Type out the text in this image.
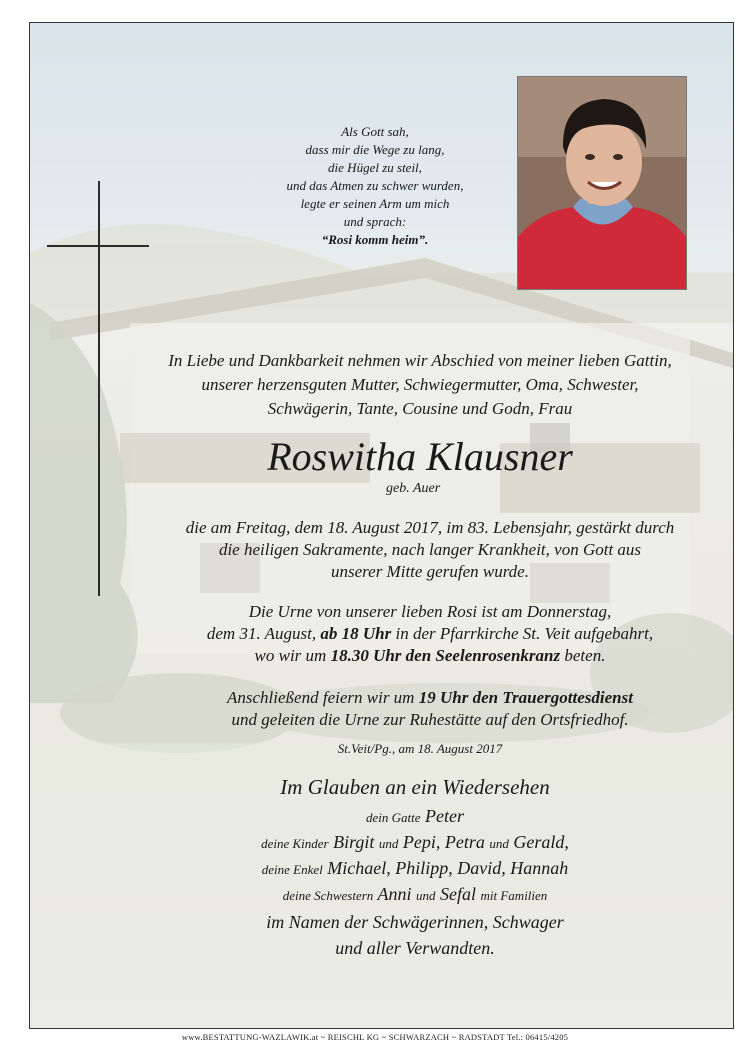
Als Gott sah,
dass mir die Wege zu lang,
die Hügel zu steil,
und das Atmen zu schwer wurden,
legte er seinen Arm um mich
und sprach:
“Rosi komm heim”.
In Liebe und Dankbarkeit nehmen wir Abschied von meiner lieben Gattin,
unserer herzensguten Mutter, Schwiegermutter, Oma, Schwester,
Schwägerin, Tante, Cousine und Godn, Frau
Roswitha Klausner
geb. Auer
die am Freitag, dem 18. August 2017, im 83. Lebensjahr, gestärkt durch
die heiligen Sakramente, nach langer Krankheit, von Gott aus
unserer Mitte gerufen wurde.
Die Urne von unserer lieben Rosi ist am Donnerstag,
dem 31. August, ab 18 Uhr in der Pfarrkirche St. Veit aufgebahrt,
wo wir um 18.30 Uhr den Seelenrosenkranz beten.
Anschließend feiern wir um 19 Uhr den Trauergottesdienst
und geleiten die Urne zur Ruhestätte auf den Ortsfriedhof.
St.Veit/Pg., am 18. August 2017
Im Glauben an ein Wiedersehen
dein Gatte Peter
deine Kinder Birgit und Pepi, Petra und Gerald,
deine Enkel Michael, Philipp, David, Hannah
deine Schwestern Anni und Sefal mit Familien
im Namen der Schwägerinnen, Schwager
und aller Verwandten.
www.BESTATTUNG-WAZLAWIK.at ~ REISCHL KG ~ SCHWARZACH ~ RADSTADT Tel.: 06415/4205
